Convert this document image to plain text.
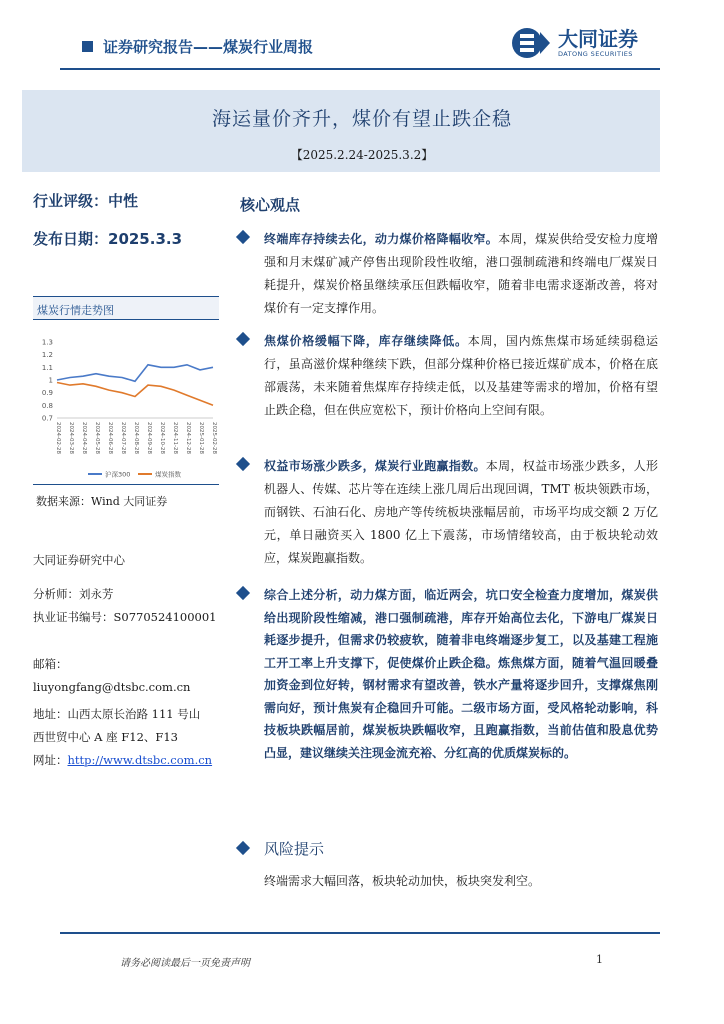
证券研究报告——煤炭行业周报	大同证券
DATONG SECURITIES
海运量价齐升，煤价有望止跌企稳
【2025.2.24-2025.3.2】
行业评级：中性
发布日期：2025.3.3
煤炭行情走势图
1.3
1.2
1.1
1
0.9
0.8
0.7
2024-02-28 2024-03-28 2024-04-28 2024-05-28 2024-06-28 2024-07-28 2024-08-28 2024-09-28 2024-10-28 2024-11-28 2024-12-28 2025-01-28 2025-02-28
沪深300	煤炭指数
数据来源：Wind 大同证券
大同证券研究中心
分析师：刘永芳
执业证书编号：S0770524100001
邮箱：
liuyongfang@dtsbc.com.cn
地址：山西太原长治路 111 号山
西世贸中心 A 座 F12、F13
网址：http://www.dtsbc.com.cn
核心观点

终端库存持续去化，动力煤价格降幅收窄。本周，煤炭供给受安检力度增强和月末煤矿减产停售出现阶段性收缩，港口强制疏港和终端电厂煤炭日耗提升，煤炭价格虽继续承压但跌幅收窄，随着非电需求逐渐改善，将对煤价有一定支撑作用。

焦煤价格缓幅下降，库存继续降低。本周，国内炼焦煤市场延续弱稳运行，虽高滋价煤种继续下跌，但部分煤种价格已接近煤矿成本，价格在底部震荡，未来随着焦煤库存持续走低，以及基建等需求的增加，价格有望止跌企稳，但在供应宽松下，预计价格向上空间有限。

权益市场涨少跌多，煤炭行业跑赢指数。本周，权益市场涨少跌多，人形机器人、传媒、芯片等在连续上涨几周后出现回调，TMT 板块领跌市场，而钢铁、石油石化、房地产等传统板块涨幅居前，市场平均成交额 2 万亿元，单日融资买入 1800 亿上下震荡，市场情绪较高，由于板块轮动效应，煤炭跑赢指数。

综合上述分析，动力煤方面，临近两会，坑口安全检查力度增加，煤炭供给出现阶段性缩减，港口强制疏港，库存开始高位去化，下游电厂煤炭日耗逐步提升，但需求仍较疲软，随着非电终端逐步复工，以及基建工程施工开工率上升支撑下，促使煤价止跌企稳。炼焦煤方面，随着气温回暖叠加资金到位好转，钢材需求有望改善，铁水产量将逐步回升，支撑煤焦刚需向好，预计焦炭有企稳回升可能。二级市场方面，受风格轮动影响，科技板块跌幅居前，煤炭板块跌幅收窄，且跑赢指数，当前估值和股息优势凸显，建议继续关注现金流充裕、分红高的优质煤炭标的。

风险提示
终端需求大幅回落，板块轮动加快，板块突发利空。
请务必阅读最后一页免责声明	1
